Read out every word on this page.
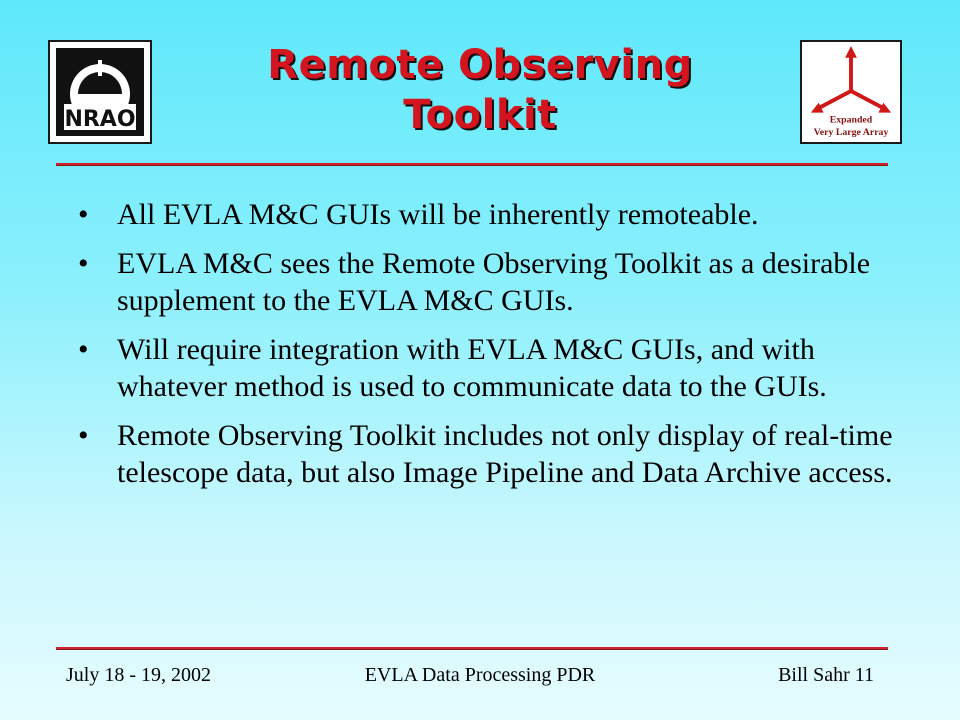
NRAO
Remote Observing
Toolkit	Expanded
Very Large Array
• All EVLA M&C GUIs will be inherently remoteable.
• EVLA M&C sees the Remote Observing Toolkit as a desirable supplement to the EVLA M&C GUIs.
• Will require integration with EVLA M&C GUIs, and with whatever method is used to communicate data to the GUIs.
• Remote Observing Toolkit includes not only display of real-time telescope data, but also Image Pipeline and Data Archive access.
July 18 - 19, 2002	EVLA Data Processing PDR	Bill Sahr 11
